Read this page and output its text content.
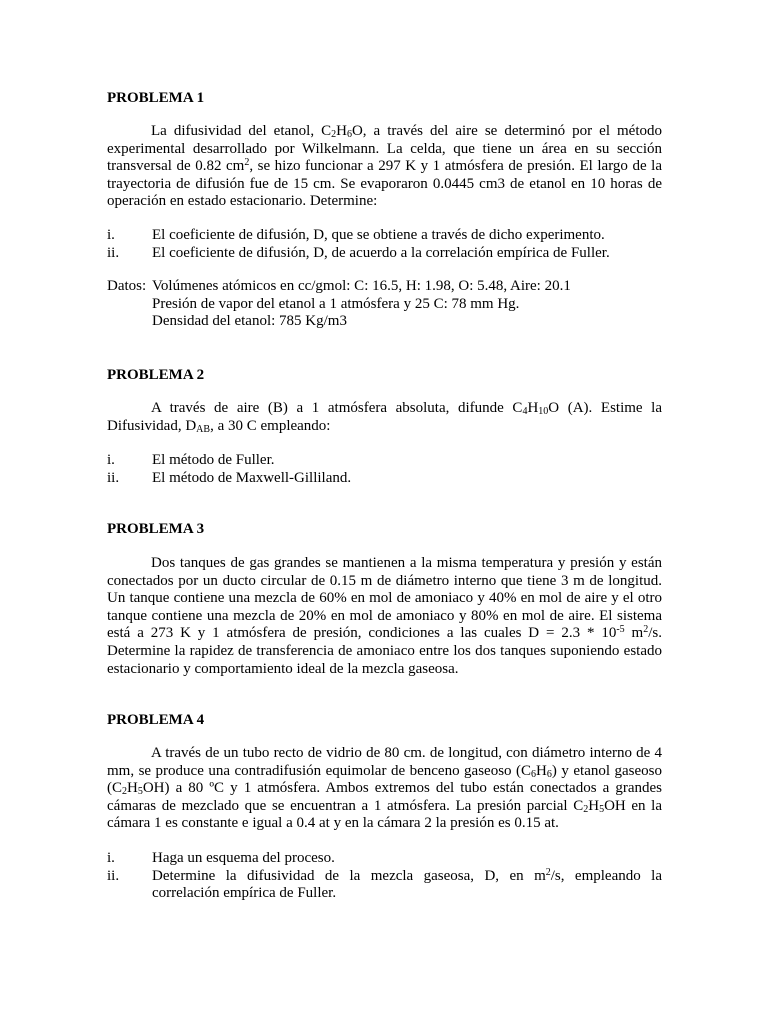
PROBLEMA 1

La difusividad del etanol, $C_2H_6O$, a través del aire se determinó por el método
experimental desarrollado por Wilkelmann. La celda, que tiene un área en su sección
transversal de 0.82 $cm^2$, se hizo funcionar a 297 K y 1 atmósfera de presión. El largo de la
trayectoria de difusión fue de 15 cm. Se evaporaron 0.0445 cm3 de etanol en 10 horas de
operación en estado estacionario. Determine:

i. El coeficiente de difusión, D, que se obtiene a través de dicho experimento.
ii. El coeficiente de difusión, D, de acuerdo a la correlación empírica de Fuller.
Datos: Volúmenes atómicos en cc/gmol: C: 16.5, H: 1.98, O: 5.48, Aire: 20.1
Presión de vapor del etanol a 1 atmósfera y 25 C: 78 mm Hg.
Densidad del etanol: 785 Kg/m3
PROBLEMA 2

A través de aire (B) a 1 atmósfera absoluta, difunde $C_4H_{10}O$ (A). Estime la
Difusividad, $D_{AB}$, a 30 C empleando:

i. El método de Fuller.
ii. El método de Maxwell-Gilliland.
PROBLEMA 3

Dos tanques de gas grandes se mantienen a la misma temperatura y presión y están
conectados por un ducto circular de 0.15 m de diámetro interno que tiene 3 m de longitud.
Un tanque contiene una mezcla de 60% en mol de amoniaco y 40% en mol de aire y el otro
tanque contiene una mezcla de 20% en mol de amoniaco y 80% en mol de aire. El sistema
está a 273 K y 1 atmósfera de presión, condiciones a las cuales $D = 2.3 * 10^{-5}$ $m^2/s$.
Determine la rapidez de transferencia de amoniaco entre los dos tanques suponiendo estado
estacionario y comportamiento ideal de la mezcla gaseosa.

PROBLEMA 4

A través de un tubo recto de vidrio de 80 cm. de longitud, con diámetro interno de 4
mm, se produce una contradifusión equimolar de benceno gaseoso $(C_6H_6)$ y etanol gaseoso
$(C_2H_5OH)$ a 80 ºC y 1 atmósfera. Ambos extremos del tubo están conectados a grandes
cámaras de mezclado que se encuentran a 1 atmósfera. La presión parcial $C_2H_5OH$ en la
cámara 1 es constante e igual a 0.4 at y en la cámara 2 la presión es 0.15 at.

i. Haga un esquema del proceso.
ii. Determine la difusividad de la mezcla gaseosa, D, en $m^2/s$, empleando la
correlación empírica de Fuller.
